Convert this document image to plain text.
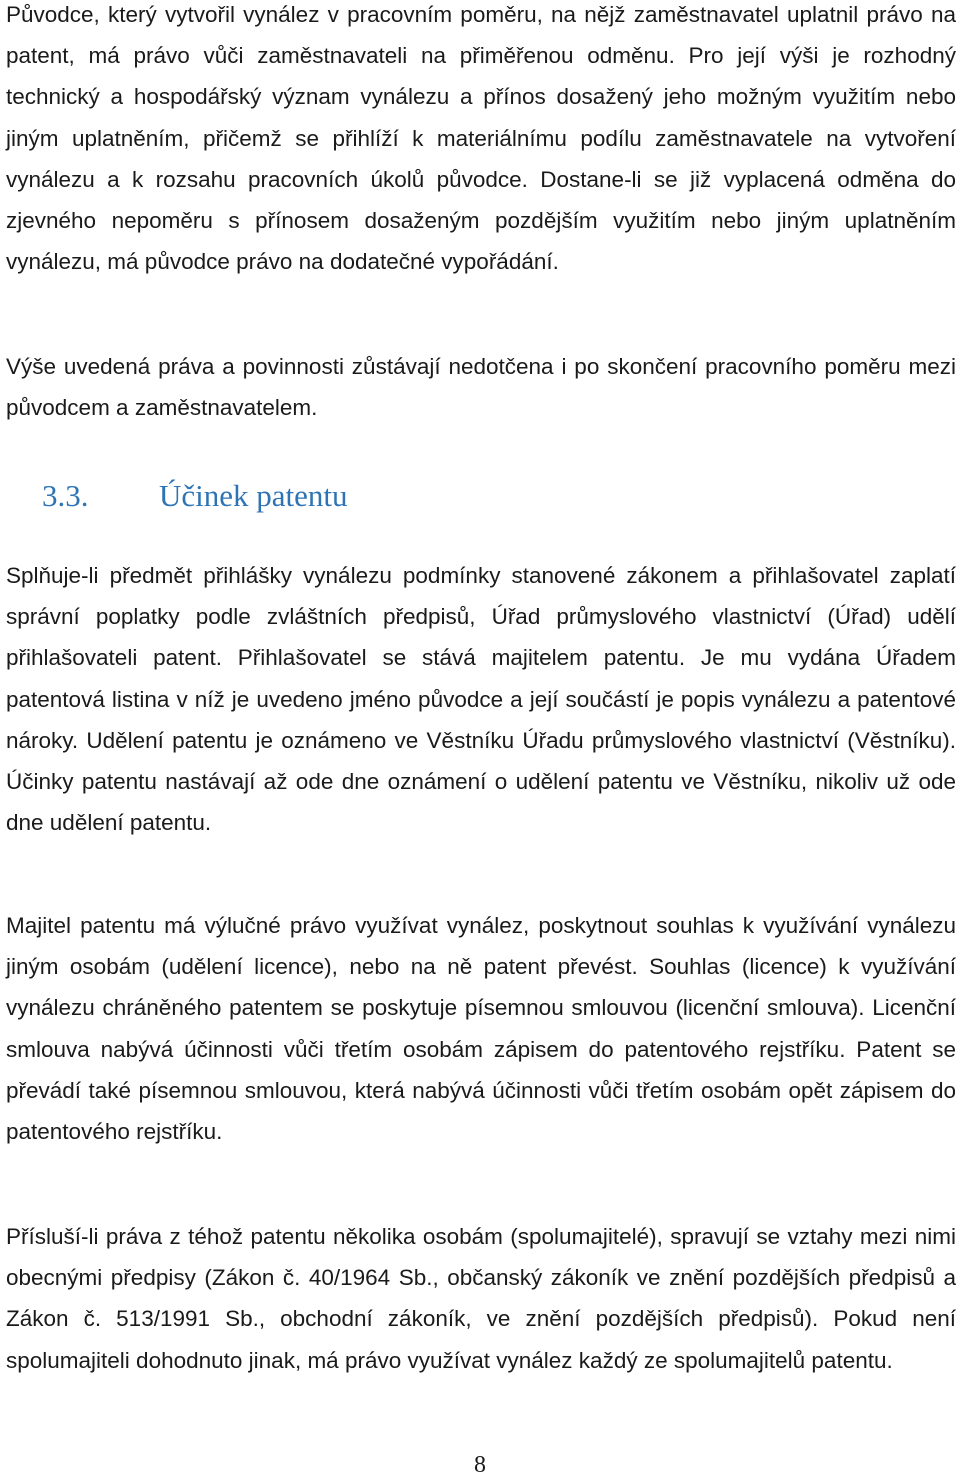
Původce, který vytvořil vynález v pracovním poměru, na nějž zaměstnavatel uplatnil právo na patent, má právo vůči zaměstnavateli na přiměřenou odměnu. Pro její výši je rozhodný technický a hospodářský význam vynálezu a přínos dosažený jeho možným využitím nebo jiným uplatněním, přičemž se přihlíží k materiálnímu podílu zaměstnavatele na vytvoření vynálezu a k rozsahu pracovních úkolů původce. Dostane-li se již vyplacená odměna do zjevného nepoměru s přínosem dosaženým pozdějším využitím nebo jiným uplatněním vynálezu, má původce právo na dodatečné vypořádání.

Výše uvedená práva a povinnosti zůstávají nedotčena i po skončení pracovního poměru mezi původcem a zaměstnavatelem.

3.3. Účinek patentu

Splňuje-li předmět přihlášky vynálezu podmínky stanovené zákonem a přihlašovatel zaplatí správní poplatky podle zvláštních předpisů, Úřad průmyslového vlastnictví (Úřad) udělí přihlašovateli patent. Přihlašovatel se stává majitelem patentu. Je mu vydána Úřadem patentová listina v níž je uvedeno jméno původce a její součástí je popis vynálezu a patentové nároky. Udělení patentu je oznámeno ve Věstníku Úřadu průmyslového vlastnictví (Věstníku). Účinky patentu nastávají až ode dne oznámení o udělení patentu ve Věstníku, nikoliv už ode dne udělení patentu.

Majitel patentu má výlučné právo využívat vynález, poskytnout souhlas k využívání vynálezu jiným osobám (udělení licence), nebo na ně patent převést. Souhlas (licence) k využívání vynálezu chráněného patentem se poskytuje písemnou smlouvou (licenční smlouva). Licenční smlouva nabývá účinnosti vůči třetím osobám zápisem do patentového rejstříku. Patent se převádí také písemnou smlouvou, která nabývá účinnosti vůči třetím osobám opět zápisem do patentového rejstříku.

Přísluší-li práva z téhož patentu několika osobám (spolumajitelé), spravují se vztahy mezi nimi obecnými předpisy (Zákon č. 40/1964 Sb., občanský zákoník ve znění pozdějších předpisů a Zákon č. 513/1991 Sb., obchodní zákoník, ve znění pozdějších předpisů). Pokud není spolumajiteli dohodnuto jinak, má právo využívat vynález každý ze spolumajitelů patentu.

8
